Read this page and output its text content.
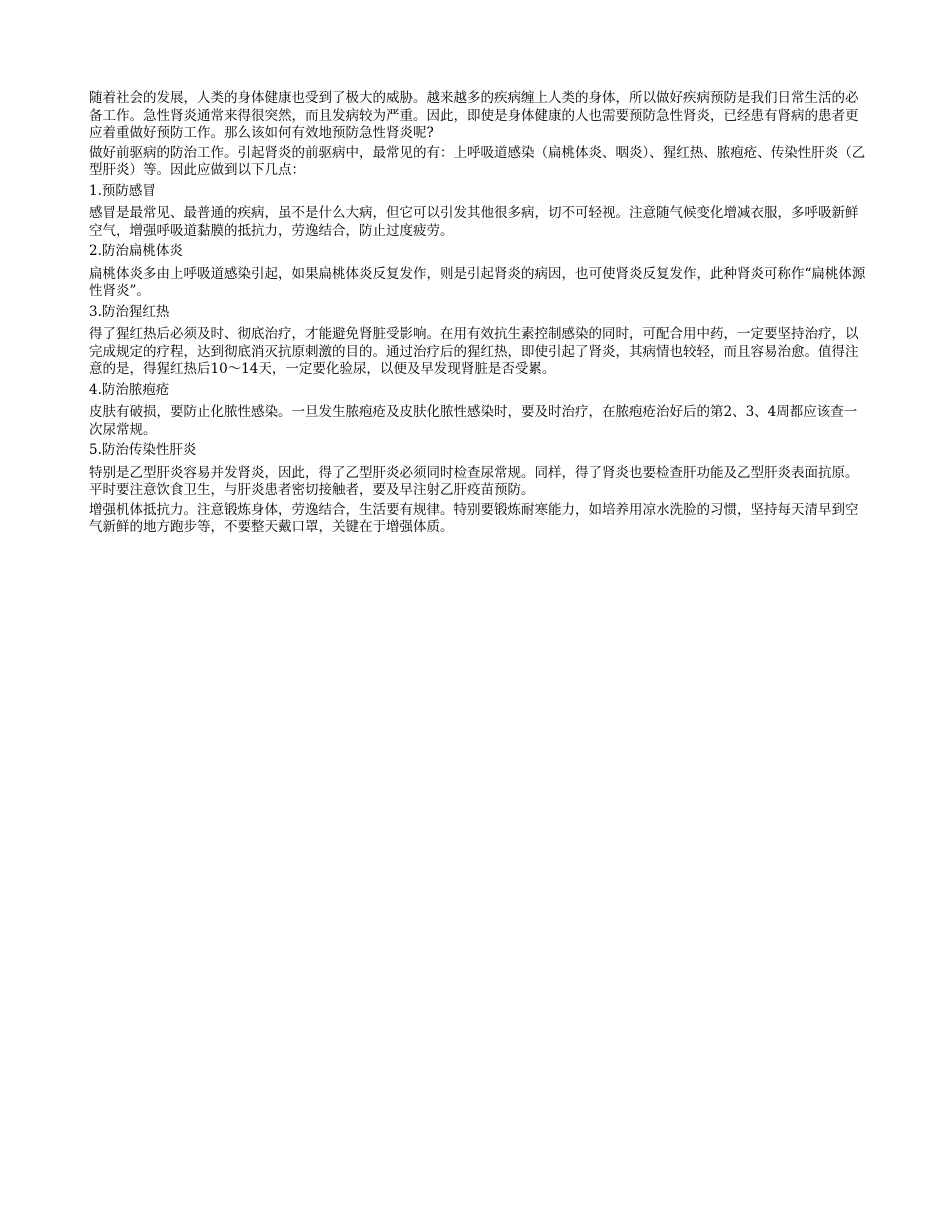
随着社会的发展，人类的身体健康也受到了极大的威胁。越来越多的疾病缠上人类的身体，所以做好疾病预防是我们日常生活的必备工作。急性肾炎通常来得很突然，而且发病较为严重。因此，即使是身体健康的人也需要预防急性肾炎，已经患有肾病的患者更应着重做好预防工作。那么该如何有效地预防急性肾炎呢?

做好前驱病的防治工作。引起肾炎的前驱病中，最常见的有：上呼吸道感染（扁桃体炎、咽炎）、猩红热、脓疱疮、传染性肝炎（乙型肝炎）等。因此应做到以下几点：

1.预防感冒

感冒是最常见、最普通的疾病，虽不是什么大病，但它可以引发其他很多病，切不可轻视。注意随气候变化增减衣服，多呼吸新鲜空气，增强呼吸道黏膜的抵抗力，劳逸结合，防止过度疲劳。

2.防治扁桃体炎

扁桃体炎多由上呼吸道感染引起，如果扁桃体炎反复发作，则是引起肾炎的病因，也可使肾炎反复发作，此种肾炎可称作“扁桃体源性肾炎”。

3.防治猩红热

得了猩红热后必须及时、彻底治疗，才能避免肾脏受影响。在用有效抗生素控制感染的同时，可配合用中药，一定要坚持治疗，以完成规定的疗程，达到彻底消灭抗原刺激的目的。通过治疗后的猩红热，即使引起了肾炎，其病情也较轻，而且容易治愈。值得注意的是，得猩红热后10～14天，一定要化验尿，以便及早发现肾脏是否受累。

4.防治脓疱疮

皮肤有破损，要防止化脓性感染。一旦发生脓疱疮及皮肤化脓性感染时，要及时治疗，在脓疱疮治好后的第2、3、4周都应该查一次尿常规。

5.防治传染性肝炎

特别是乙型肝炎容易并发肾炎，因此，得了乙型肝炎必须同时检查尿常规。同样，得了肾炎也要检查肝功能及乙型肝炎表面抗原。平时要注意饮食卫生，与肝炎患者密切接触者，要及早注射乙肝疫苗预防。

增强机体抵抗力。注意锻炼身体，劳逸结合，生活要有规律。特别要锻炼耐寒能力，如培养用凉水洗脸的习惯，坚持每天清早到空气新鲜的地方跑步等，不要整天戴口罩，关键在于增强体质。
